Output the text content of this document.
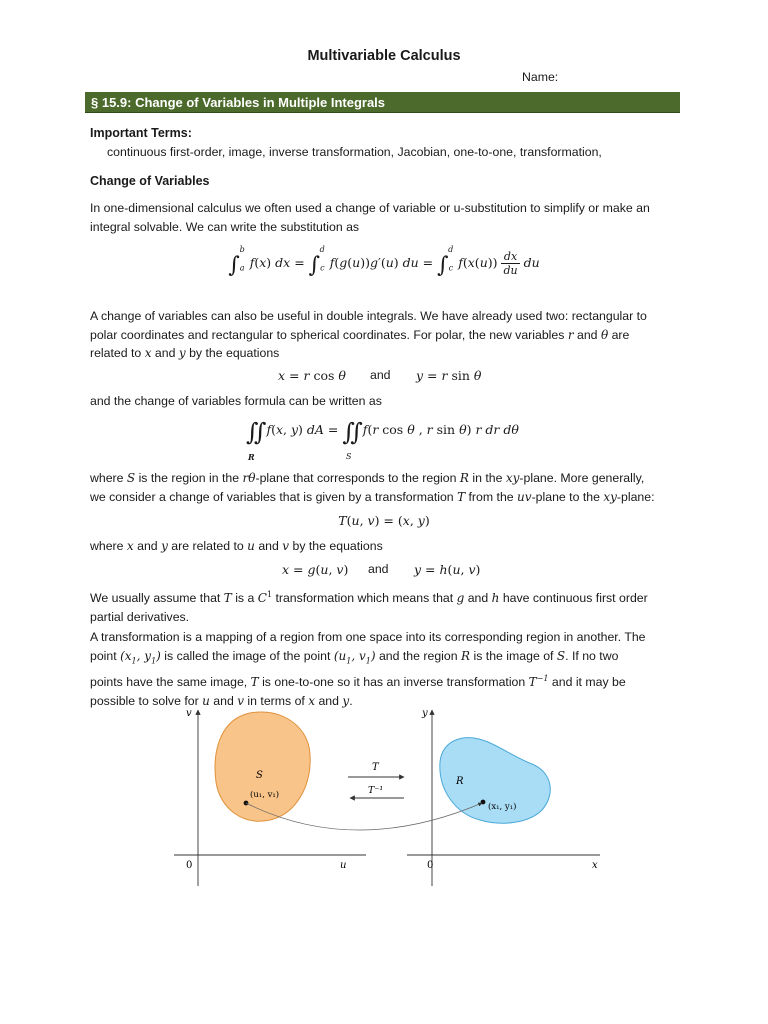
Multivariable Calculus
Name:
§ 15.9: Change of Variables in Multiple Integrals
Important Terms:
continuous first-order, image, inverse transformation, Jacobian, one-to-one, transformation,
Change of Variables
In one-dimensional calculus we often used a change of variable or u-substitution to simplify or make an
integral solvable. We can write the substitution as
$\int_a^bf(x)$ dx = $\int_c^df(g(u))g'(u)$ du = $\int_c^df(x(u)) \frac{dx}{du}$ du
A change of variables can also be useful in double integrals. We have already used two: rectangular to
polar coordinates and rectangular to spherical coordinates. For polar, the new variables r and θ are
related to x and y by the equations
x = r cos θ and y = r sin θ
and the change of variables formula can be written as
∬f(x, y) dA = ∬f(r cos θ , r sin θ) r dr dθ
R	S
where S is the region in the rθ-plane that corresponds to the region R in the xy-plane. More generally,
we consider a change of variables that is given by a transformation T from the uv-plane to the xy-plane:
T(u, v) = (x, y)
where x and y are related to u and v by the equations
x = g(u, v) and y = h(u, v)
We usually assume that T is a $C^1$ transformation which means that g and h have continuous first order
partial derivatives.
A transformation is a mapping of a region from one space into its corresponding region in another. The
point ($x_1$, $y_1$) is called the image of the point ($u_1$, $v_1$) and the region R is the image of S. If no two
points have the same image, T is one-to-one so it has an inverse transformation $T^{-1}$ and it may be
possible to solve for u and v in terms of x and y.
v
u
0
S
(u₁, v₁)
y
x
0
R
(x₁, y₁)
T
T⁻¹
